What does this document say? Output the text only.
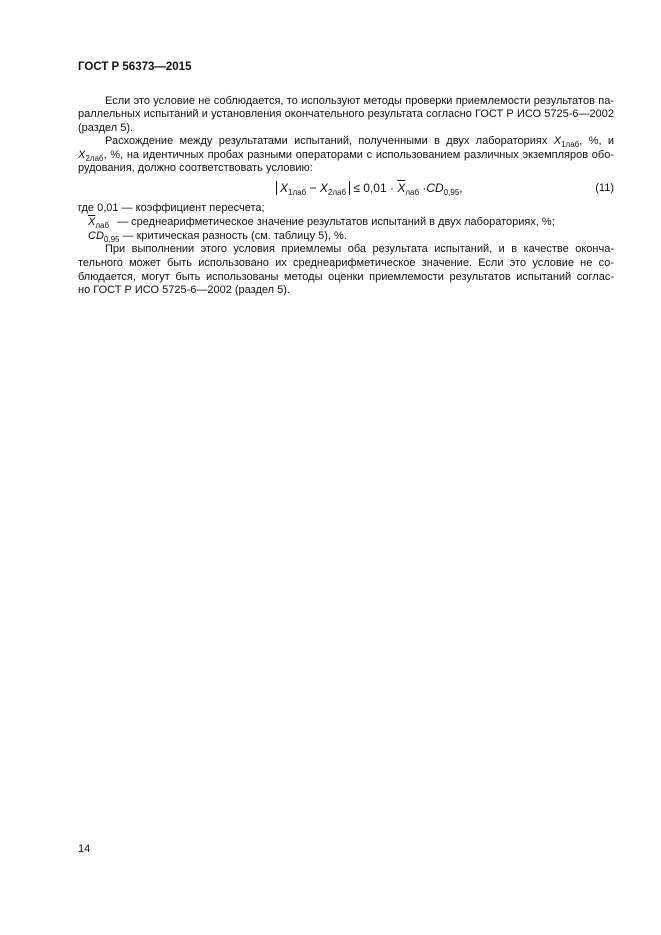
ГОСТ Р 56373—2015
Если это условие не соблюдается, то используют методы проверки приемлемости результатов па-
раллельных испытаний и установления окончательного результата согласно ГОСТ Р ИСО 5725-6—2002
(раздел 5).
Расхождение между результатами испытаний, полученными в двух лабораториях $X_{1лаб}$, %, и
$X_{2лаб}$, %, на идентичных пробах разными операторами с использованием различных экземпляров обо-
рудования, должно соответствовать условию:
$X_{1лаб} - X_{2лаб} \le 0,01 \cdot \overline{X}_{лаб} \cdot CD_{0,95}$,	(11)
где 0,01 — коэффициент пересчета;
$\overline{X}_{лаб}$ — среднеарифметическое значение результатов испытаний в двух лабораториях, %;
$CD_{0,95}$ — критическая разность (см. таблицу 5), %.
При выполнении этого условия приемлемы оба результата испытаний, и в качестве оконча-
тельного может быть использовано их среднеарифметическое значение. Если это условие не со-
блюдается, могут быть использованы методы оценки приемлемости результатов испытаний соглас-
но ГОСТ Р ИСО 5725-6—2002 (раздел 5).
14
